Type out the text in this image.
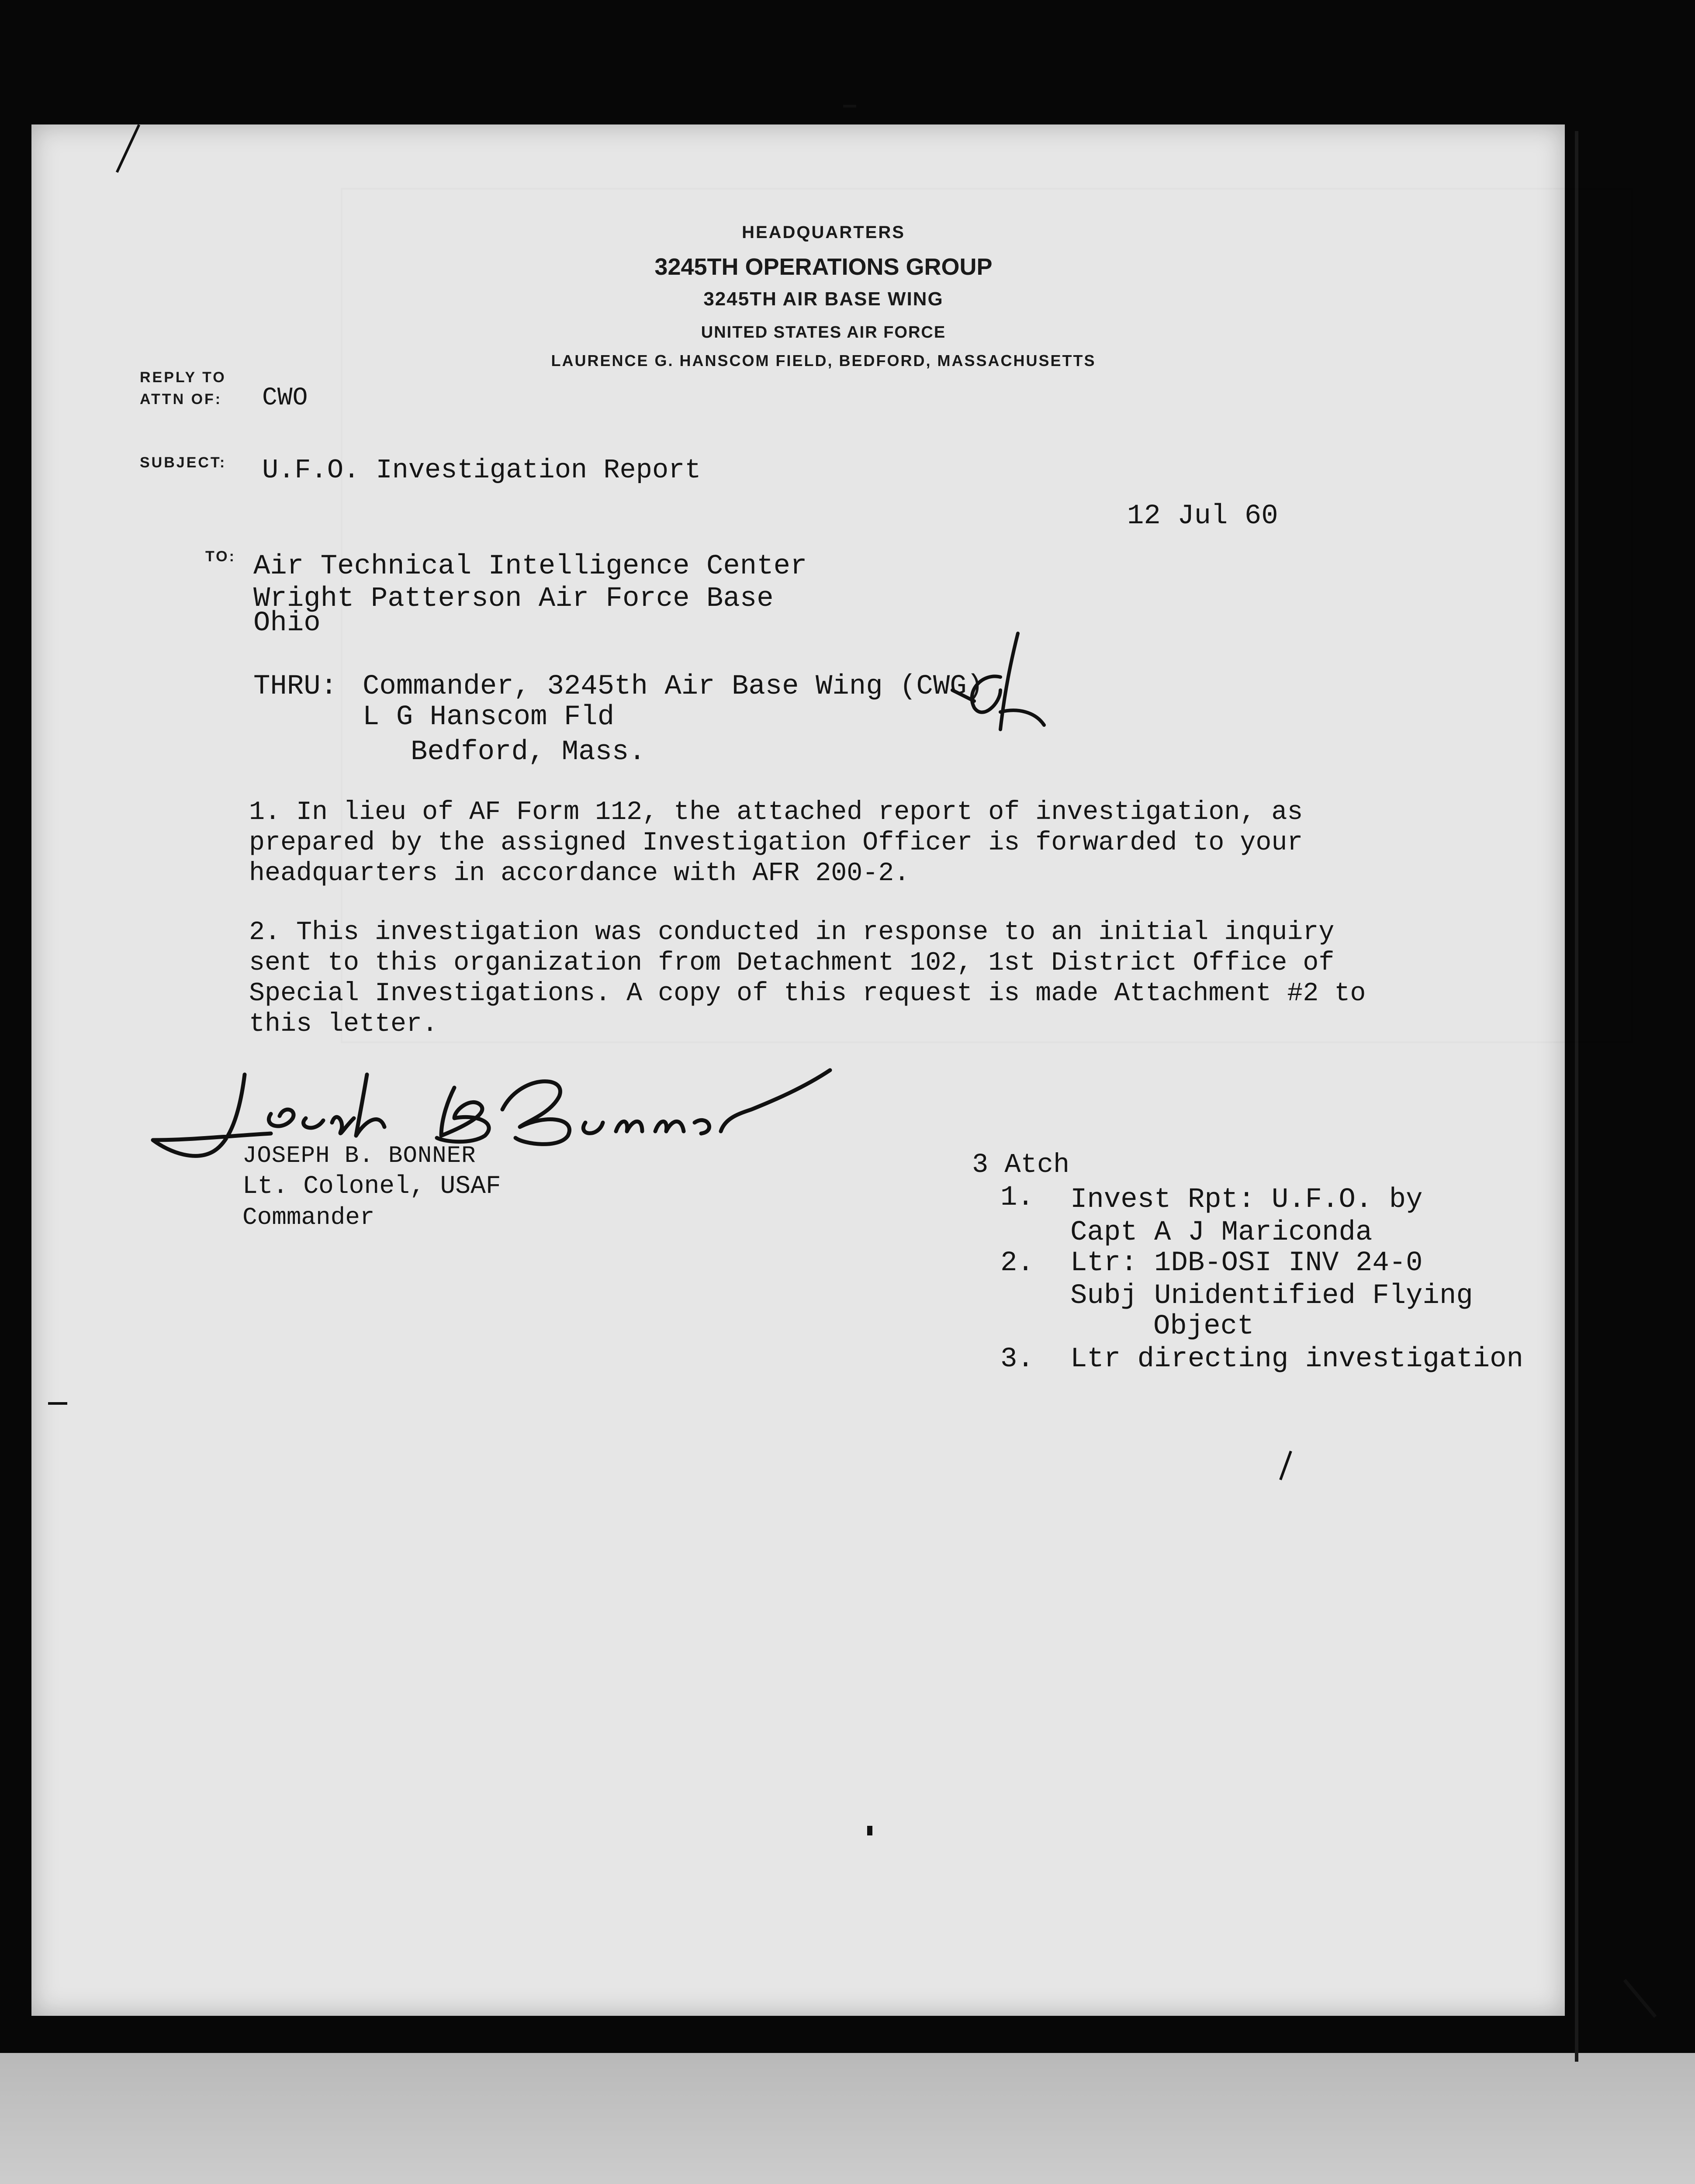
HEADQUARTERS
3245TH OPERATIONS GROUP
3245TH AIR BASE WING
UNITED STATES AIR FORCE
LAURENCE G. HANSCOM FIELD, BEDFORD, MASSACHUSETTS
REPLY TO
ATTN OF: CWO
SUBJECT: U.F.O. Investigation Report
12 Jul 60
TO: Air Technical Intelligence Center
Wright Patterson Air Force Base
Ohio
THRU: Commander, 3245th Air Base Wing (CWG)
L G Hanscom Fld
Bedford, Mass.
1. In lieu of AF Form 112, the attached report of investigation, as prepared by the assigned Investigation Officer is forwarded to your headquarters in accordance with AFR 200-2.
2. This investigation was conducted in response to an initial inquiry sent to this organization from Detachment 102, 1st District Office of Special Investigations. A copy of this request is made Attachment #2 to this letter.
JOSEPH B. BONNER
Lt. Colonel, USAF
Commander
3 Atch
1. Invest Rpt: U.F.O. by
Capt A J Mariconda
2. Ltr: 1DB-OSI INV 24-0
Subj Unidentified Flying
Object
3. Ltr directing investigation
